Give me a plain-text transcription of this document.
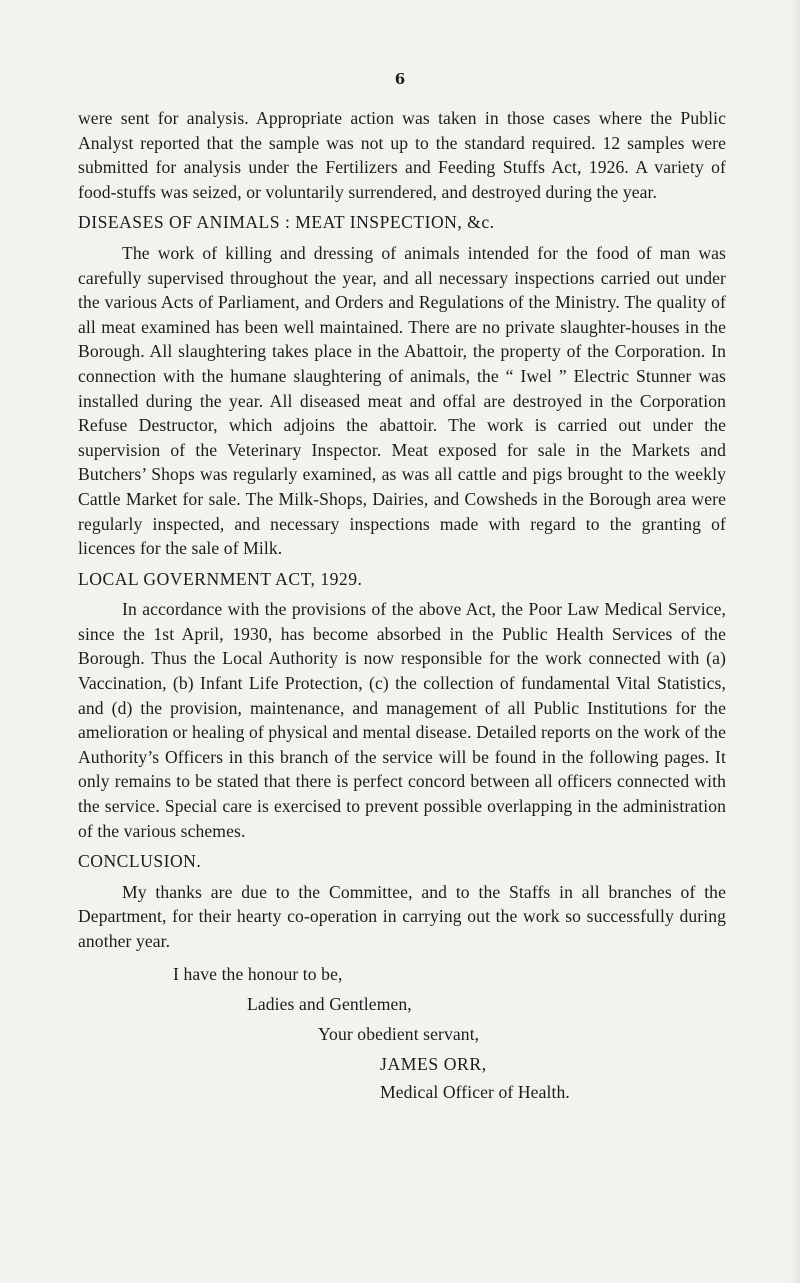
6

were sent for analysis. Appropriate action was taken in those cases where the Public Analyst reported that the sample was not up to the standard required. 12 samples were submitted for analysis under the Fertilizers and Feeding Stuffs Act, 1926. A variety of food-stuffs was seized, or voluntarily surrendered, and destroyed during the year.

DISEASES OF ANIMALS : MEAT INSPECTION, &c.

The work of killing and dressing of animals intended for the food of man was carefully supervised throughout the year, and all necessary inspections carried out under the various Acts of Parliament, and Orders and Regulations of the Ministry. The quality of all meat examined has been well maintained. There are no private slaughter-houses in the Borough. All slaughtering takes place in the Abattoir, the property of the Corporation. In connection with the humane slaughtering of animals, the “ Iwel ” Electric Stunner was installed during the year. All diseased meat and offal are destroyed in the Corporation Refuse Destructor, which adjoins the abattoir. The work is carried out under the supervision of the Veterinary Inspector. Meat exposed for sale in the Markets and Butchers’ Shops was regularly examined, as was all cattle and pigs brought to the weekly Cattle Market for sale. The Milk-Shops, Dairies, and Cowsheds in the Borough area were regularly inspected, and necessary inspections made with regard to the granting of licences for the sale of Milk.

LOCAL GOVERNMENT ACT, 1929.

In accordance with the provisions of the above Act, the Poor Law Medical Service, since the 1st April, 1930, has become absorbed in the Public Health Services of the Borough. Thus the Local Authority is now responsible for the work connected with (a) Vaccination, (b) Infant Life Protection, (c) the collection of fundamental Vital Statistics, and (d) the provision, maintenance, and management of all Public Institutions for the amelioration or healing of physical and mental disease. Detailed reports on the work of the Authority’s Officers in this branch of the service will be found in the following pages. It only remains to be stated that there is perfect concord between all officers connected with the service. Special care is exercised to prevent possible overlapping in the administration of the various schemes.

CONCLUSION.

My thanks are due to the Committee, and to the Staffs in all branches of the Department, for their hearty co-operation in carrying out the work so successfully during another year.

I have the honour to be,
Ladies and Gentlemen,
Your obedient servant,
JAMES ORR,
Medical Officer of Health.
